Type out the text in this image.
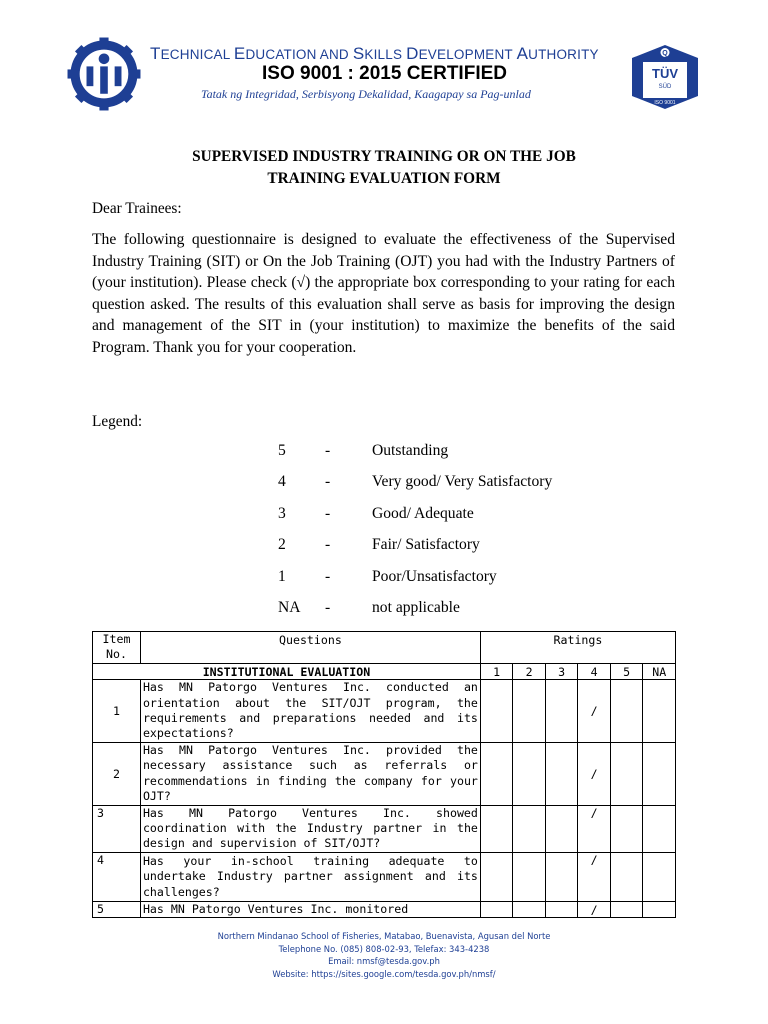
TECHNICAL EDUCATION AND SKILLS DEVELOPMENT AUTHORITY
ISO 9001 : 2015 CERTIFIED
Tatak ng Integridad, Serbisyong Dekalidad, Kaagapay sa Pag-unlad
Q
TÜV
SÜD
ISO 9001
SUPERVISED INDUSTRY TRAINING OR ON THE JOB
TRAINING EVALUATION FORM
Dear Trainees:
The following questionnaire is designed to evaluate the effectiveness of the Supervised Industry Training (SIT) or On the Job Training (OJT) you had with the Industry Partners of (your institution). Please check (√) the appropriate box corresponding to your rating for each question asked. The results of this evaluation shall serve as basis for improving the design and management of the SIT in (your institution) to maximize the benefits of the said Program. Thank you for your cooperation.
Legend:
5	-	Outstanding
4	-	Very good/ Very Satisfactory
3	-	Good/ Adequate
2	-	Fair/ Satisfactory
1	-	Poor/Unsatisfactory
NA -	not applicable
Item No.	Questions	Ratings					
INSTITUTIONAL EVALUATION		1	2	3	4	5	NA
1	Has MN Patorgo Ventures Inc. conducted an orientation about the SIT/OJT program, the requirements and preparations needed and its expectations?				/		
2	Has MN Patorgo Ventures Inc. provided the necessary assistance such as referrals or recommendations in finding the company for your OJT?				/		
3	Has MN Patorgo Ventures Inc. showed coordination with the Industry partner in the design and supervision of SIT/OJT?				/		
4	Has your in-school training adequate to undertake Industry partner assignment and its challenges?				/		
5	Has MN Patorgo Ventures Inc. monitored				/		
Northern Mindanao School of Fisheries, Matabao, Buenavista, Agusan del Norte
Telephone No. (085) 808-02-93, Telefax: 343-4238
Email: nmsf@tesda.gov.ph
Website: https://sites.google.com/tesda.gov.ph/nmsf/
